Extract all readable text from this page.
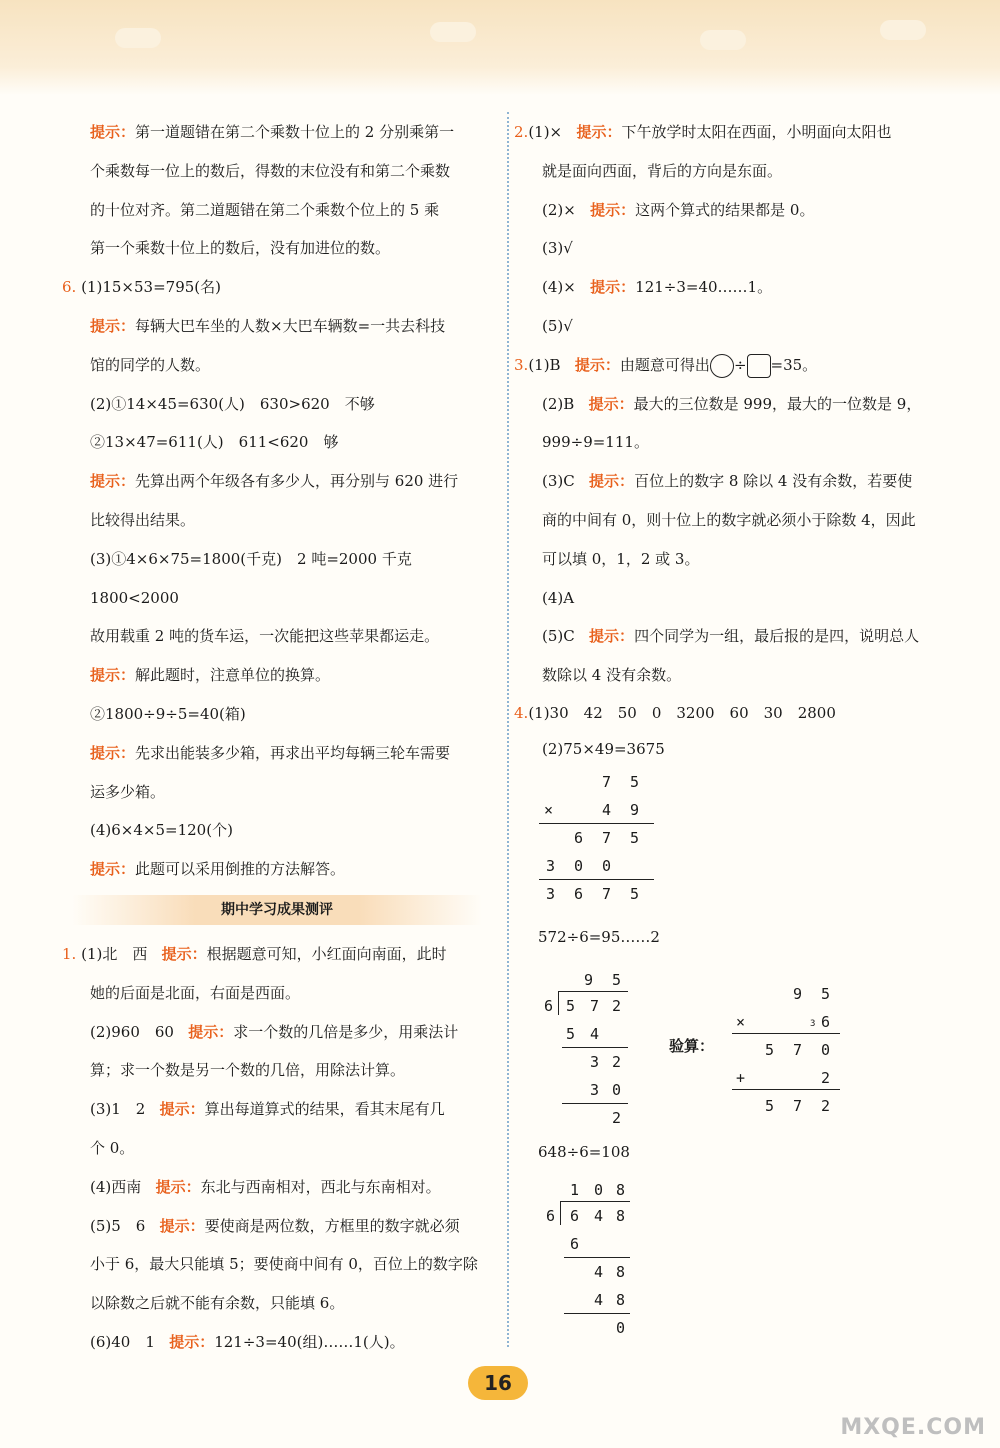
提示：第一道题错在第二个乘数十位上的 2 分别乘第一
个乘数每一位上的数后，得数的末位没有和第二个乘数
的十位对齐。第二道题错在第二个乘数个位上的 5 乘
第一个乘数十位上的数后，没有加进位的数。
6. (1)15×53=795(名)
提示：每辆大巴车坐的人数×大巴车辆数=一共去科技
馆的同学的人数。
(2)①14×45=630(人)　630>620　不够
②13×47=611(人)　611<620　够
提示：先算出两个年级各有多少人，再分别与 620 进行
比较得出结果。
(3)①4×6×75=1800(千克)　2 吨=2000 千克
1800<2000
故用载重 2 吨的货车运，一次能把这些苹果都运走。
提示：解此题时，注意单位的换算。
②1800÷9÷5=40(箱)
提示：先求出能装多少箱，再求出平均每辆三轮车需要
运多少箱。
(4)6×4×5=120(个)
提示：此题可以采用倒推的方法解答。
期中学习成果测评
1. (1)北　西 提示：根据题意可知，小红面向南面，此时
她的后面是北面，右面是西面。
(2)960　60 提示：求一个数的几倍是多少，用乘法计
算；求一个数是另一个数的几倍，用除法计算。
(3)1　2 提示：算出每道算式的结果，看其末尾有几
个 0。
(4)西南 提示：东北与西南相对，西北与东南相对。
(5)5　6 提示：要使商是两位数，方框里的数字就必须
小于 6，最大只能填 5；要使商中间有 0，百位上的数字除
以除数之后就不能有余数，只能填 6。
(6)40　1 提示：121÷3=40(组)……1(人)。
2.(1)× 提示：下午放学时太阳在西面，小明面向太阳也
就是面向西面，背后的方向是东面。
(2)× 提示：这两个算式的结果都是 0。
(3)√
(4)× 提示：121÷3=40……1。
(5)√
3.(1)B 提示：由题意可得出 ÷ =35。
(2)B 提示：最大的三位数是 999，最大的一位数是 9，
999÷9=111。
(3)C 提示：百位上的数字 8 除以 4 没有余数，若要使
商的中间有 0，则十位上的数字就必须小于除数 4，因此
可以填 0，1，2 或 3。
(4)A
(5)C 提示：四个同学为一组，最后报的是四，说明总人
数除以 4 没有余数。
4.(1)30　42　50　0　3200　60　30　2800
(2)75×49=3675
7 5
×	4 9
6 7 5
3 0 0
3 6 7 5
572÷6=95……2
9 5
6 5 7 2
5 4
3 2
3 0
2
验算：
9 5
×	3 6
5 7 0
+	2
5 7 2
648÷6=108
1 0 8
6 6 4 8
6
4 8
4 8
0
16
MXQE.COM
